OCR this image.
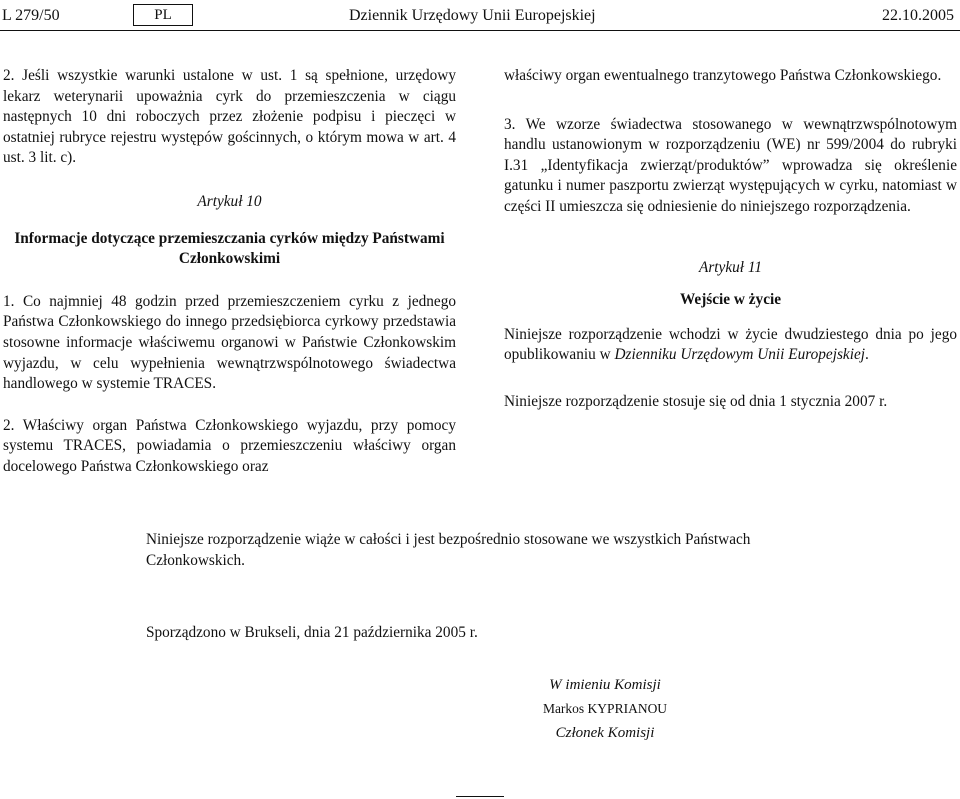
L 279/50	PL	Dziennik Urzędowy Unii Europejskiej	22.10.2005

2. Jeśli wszystkie warunki ustalone w ust. 1 są spełnione, urzędowy lekarz weterynarii upoważnia cyrk do przemieszczenia w ciągu następnych 10 dni roboczych przez złożenie podpisu i pieczęci w ostatniej rubryce rejestru występów gościnnych, o którym mowa w art. 4 ust. 3 lit. c).

Artykuł 10

Informacje dotyczące przemieszczania cyrków między Państwami Członkowskimi

1. Co najmniej 48 godzin przed przemieszczeniem cyrku z jednego Państwa Członkowskiego do innego przedsiębiorca cyrkowy przedstawia stosowne informacje właściwemu organowi w Państwie Członkowskim wyjazdu, w celu wypełnienia wewnątrzwspólnotowego świadectwa handlowego w systemie TRACES.

2. Właściwy organ Państwa Członkowskiego wyjazdu, przy pomocy systemu TRACES, powiadamia o przemieszczeniu właściwy organ docelowego Państwa Członkowskiego oraz

właściwy organ ewentualnego tranzytowego Państwa Członkowskiego.

3. We wzorze świadectwa stosowanego w wewnątrzwspólnotowym handlu ustanowionym w rozporządzeniu (WE) nr 599/2004 do rubryki I.31 „Identyfikacja zwierząt/produktów” wprowadza się określenie gatunku i numer paszportu zwierząt występujących w cyrku, natomiast w części II umieszcza się odniesienie do niniejszego rozporządzenia.

Artykuł 11

Wejście w życie

Niniejsze rozporządzenie wchodzi w życie dwudziestego dnia po jego opublikowaniu w Dzienniku Urzędowym Unii Europejskiej.

Niniejsze rozporządzenie stosuje się od dnia 1 stycznia 2007 r.

Niniejsze rozporządzenie wiąże w całości i jest bezpośrednio stosowane we wszystkich Państwach Członkowskich.
Sporządzono w Brukseli, dnia 21 października 2005 r.
W imieniu Komisji
Markos KYPRIANOU
Członek Komisji
